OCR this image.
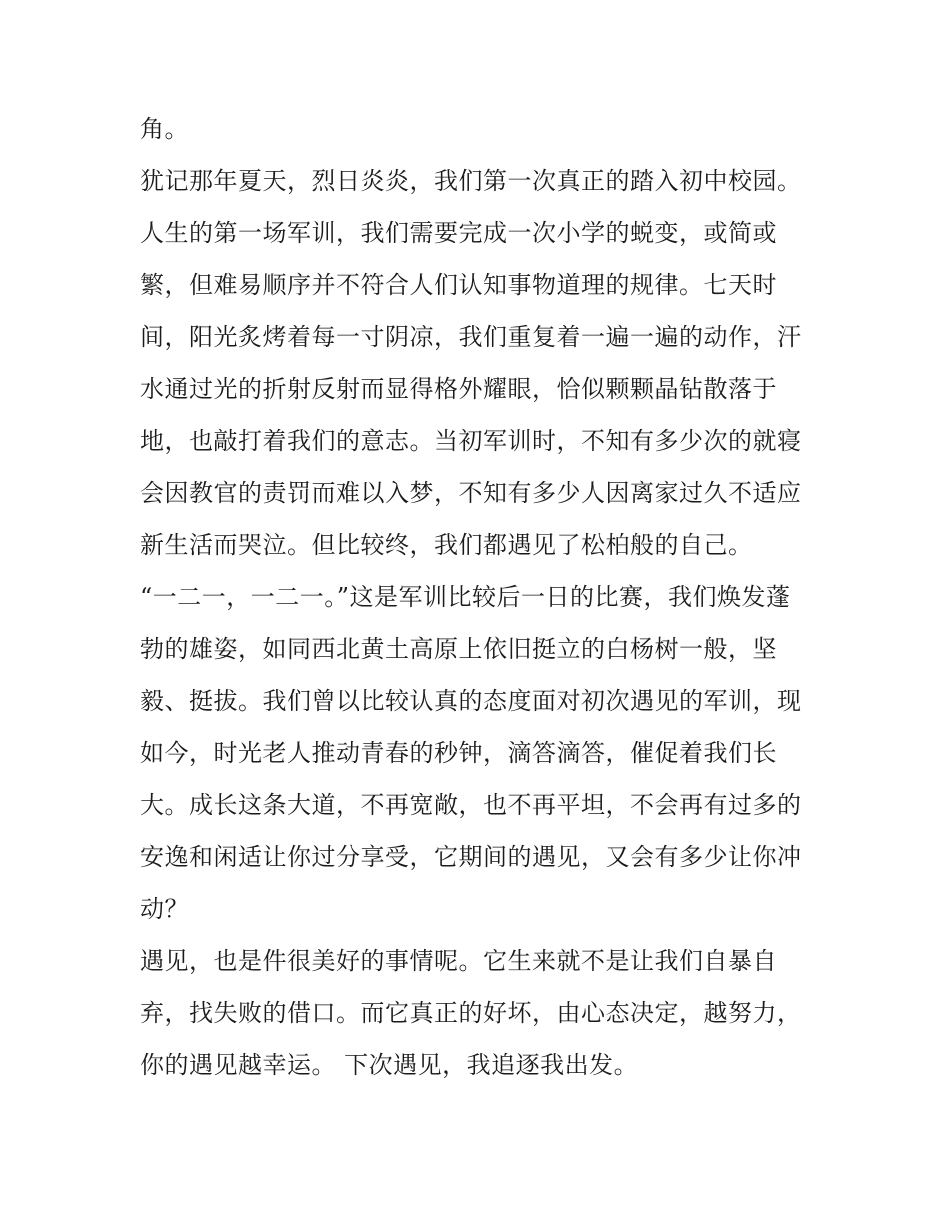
角。
犹记那年夏天，烈日炎炎，我们第一次真正的踏入初中校园。
人生的第一场军训，我们需要完成一次小学的蜕变，或简或
繁，但难易顺序并不符合人们认知事物道理的规律。七天时
间，阳光炙烤着每一寸阴凉，我们重复着一遍一遍的动作，汗
水通过光的折射反射而显得格外耀眼，恰似颗颗晶钻散落于
地，也敲打着我们的意志。当初军训时，不知有多少次的就寝
会因教官的责罚而难以入梦，不知有多少人因离家过久不适应
新生活而哭泣。但比较终，我们都遇见了松柏般的自己。
“一二一，一二一。”这是军训比较后一日的比赛，我们焕发蓬
勃的雄姿，如同西北黄土高原上依旧挺立的白杨树一般，坚
毅、挺拔。我们曾以比较认真的态度面对初次遇见的军训，现
如今，时光老人推动青春的秒钟，滴答滴答，催促着我们长
大。成长这条大道，不再宽敞，也不再平坦，不会再有过多的
安逸和闲适让你过分享受，它期间的遇见，又会有多少让你冲
动？
遇见，也是件很美好的事情呢。它生来就不是让我们自暴自
弃，找失败的借口。而它真正的好坏，由心态决定，越努力，
你的遇见越幸运。 下次遇见，我追逐我出发。
